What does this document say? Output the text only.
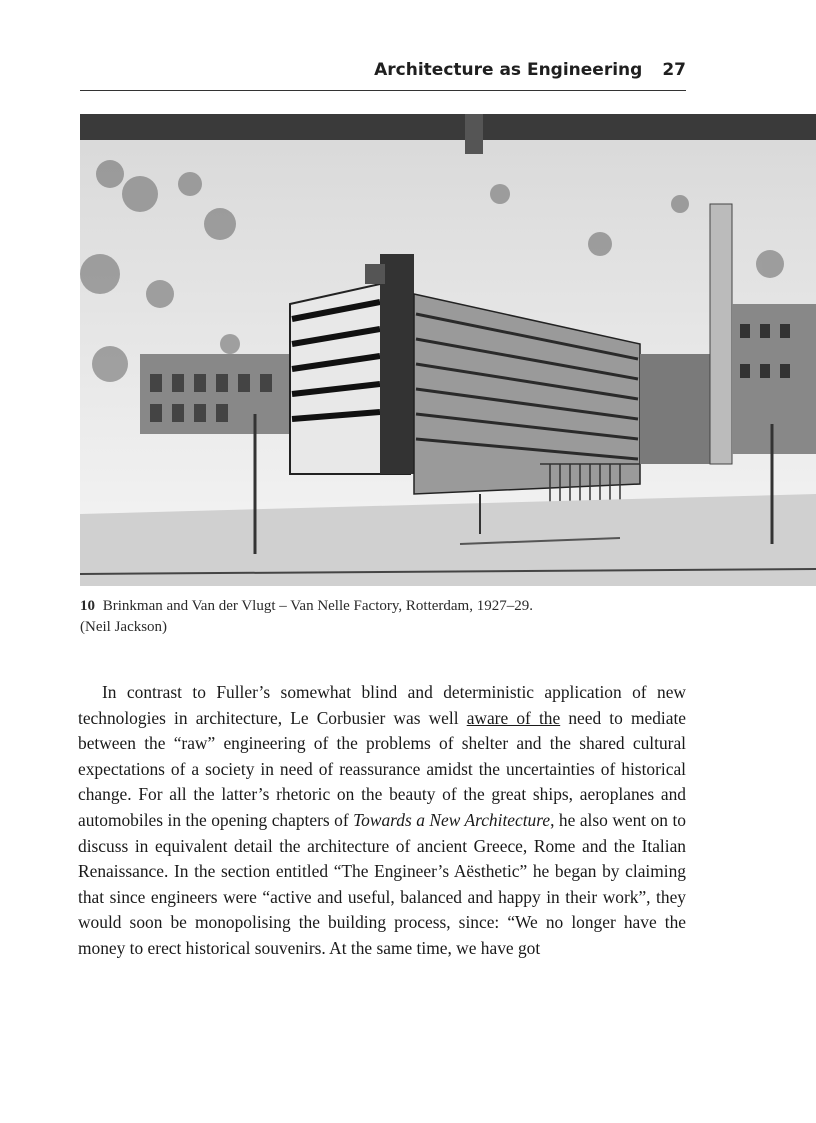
Architecture as Engineering 27
10 Brinkman and Van der Vlugt – Van Nelle Factory, Rotterdam, 1927–29.
(Neil Jackson)

In contrast to Fuller’s somewhat blind and deterministic application of new technologies in architecture, Le Corbusier was well aware of the need to mediate between the “raw” engineering of the problems of shelter and the shared cultural expectations of a society in need of reassurance amidst the uncertainties of historical change. For all the latter’s rhetoric on the beauty of the great ships, aeroplanes and automobiles in the opening chapters of Towards a New Architecture, he also went on to discuss in equivalent detail the architecture of ancient Greece, Rome and the Italian Renaissance. In the section entitled “The Engineer’s Aësthetic” he began by claiming that since engineers were “active and useful, balanced and happy in their work”, they would soon be monopolising the building process, since: “We no longer have the money to erect historical souvenirs. At the same time, we have got
